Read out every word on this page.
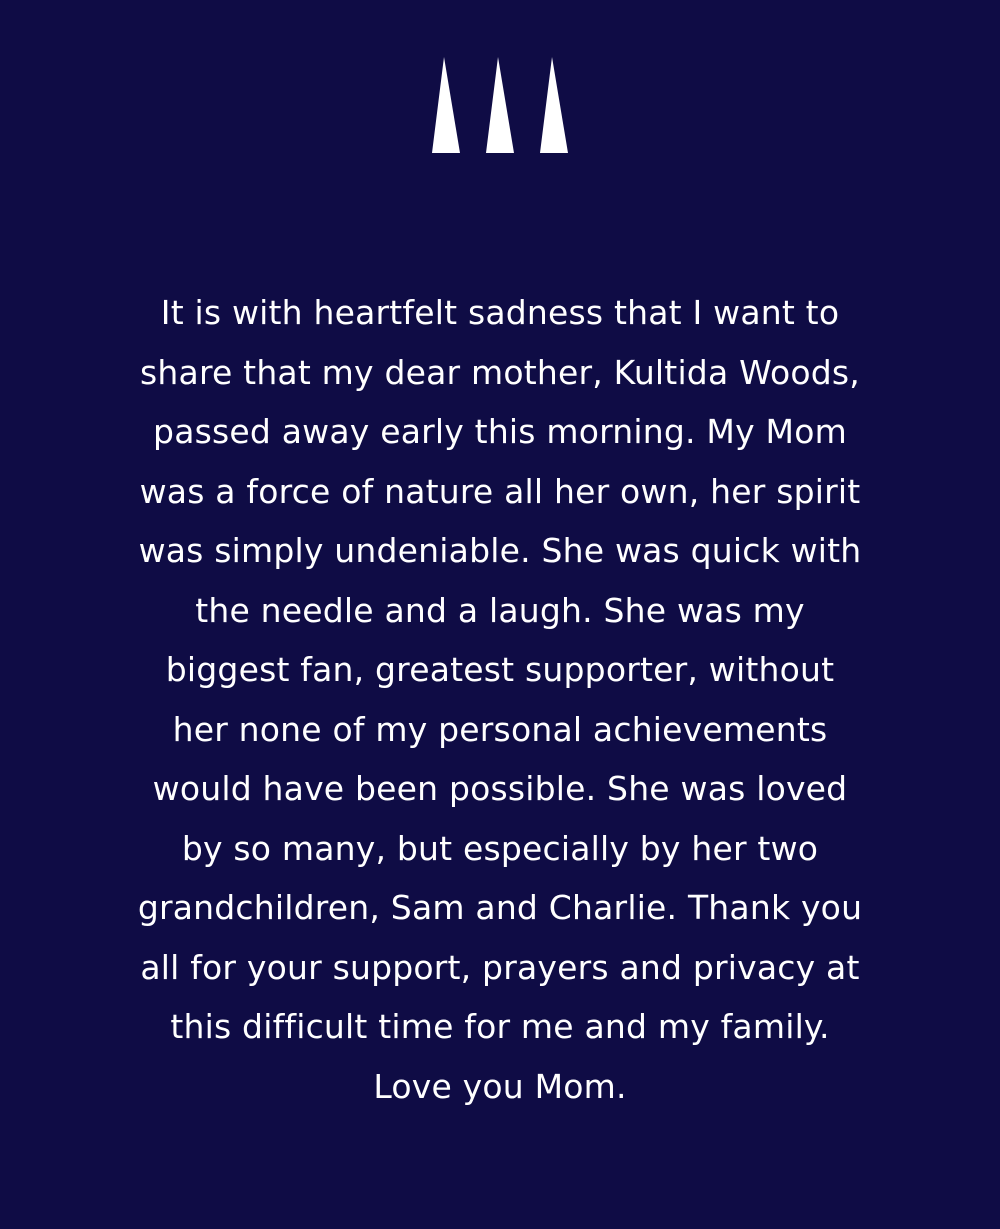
It is with heartfelt sadness that I want to
share that my dear mother, Kultida Woods,
passed away early this morning. My Mom
was a force of nature all her own, her spirit
was simply undeniable. She was quick with
the needle and a laugh. She was my
biggest fan, greatest supporter, without
her none of my personal achievements
would have been possible. She was loved
by so many, but especially by her two
grandchildren, Sam and Charlie. Thank you
all for your support, prayers and privacy at
this difficult time for me and my family.
Love you Mom.
